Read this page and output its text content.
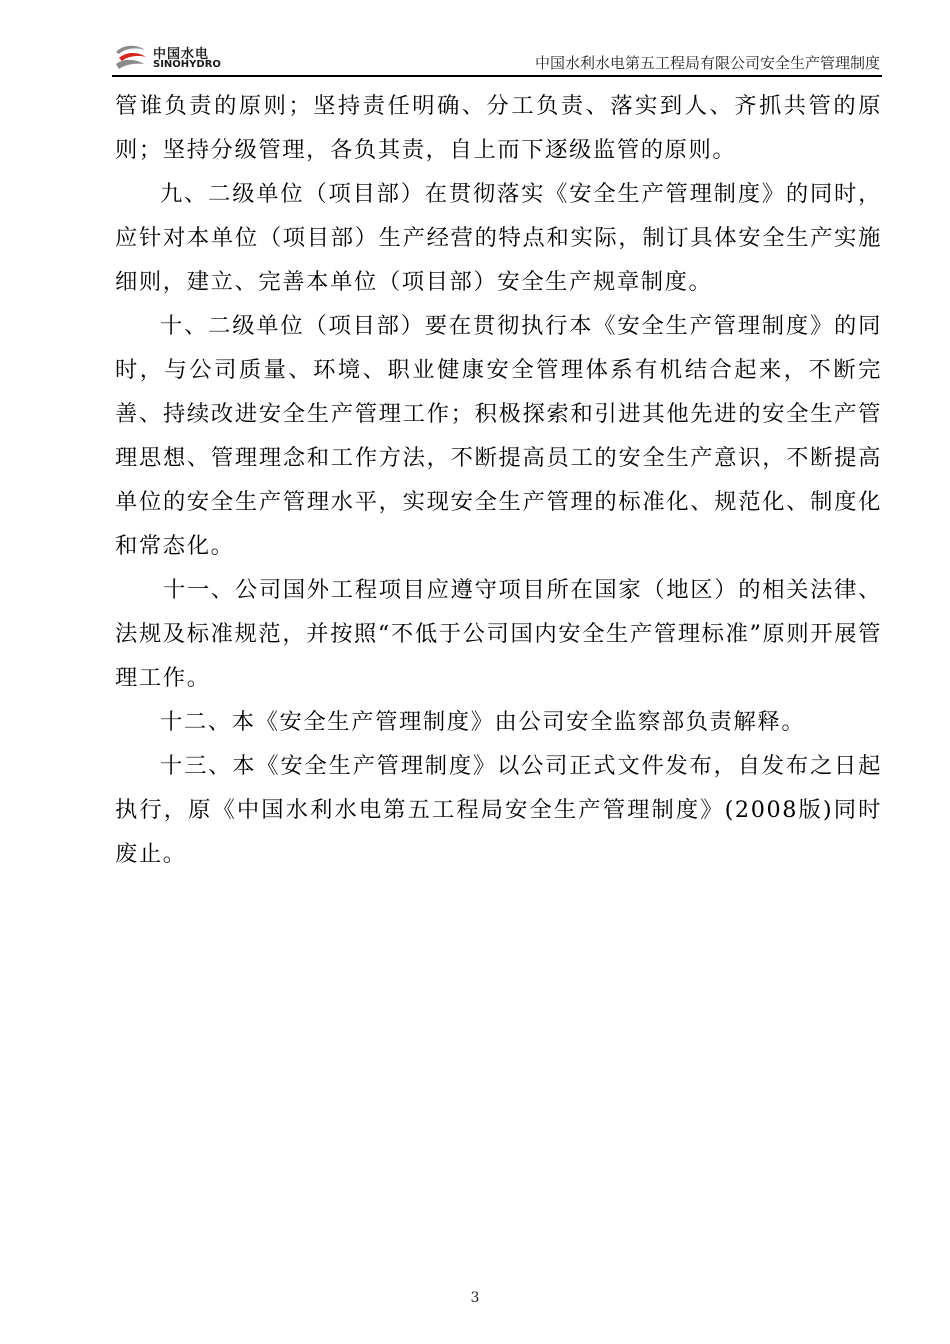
中国水电
SINOHYDRO	中国水利水电第五工程局有限公司安全生产管理制度

管谁负责的原则；坚持责任明确、分工负责、落实到人、齐抓共管的原则；坚持分级管理，各负其责，自上而下逐级监管的原则。

九、二级单位（项目部）在贯彻落实《安全生产管理制度》的同时，应针对本单位（项目部）生产经营的特点和实际，制订具体安全生产实施细则，建立、完善本单位（项目部）安全生产规章制度。

十、二级单位（项目部）要在贯彻执行本《安全生产管理制度》的同时，与公司质量、环境、职业健康安全管理体系有机结合起来，不断完善、持续改进安全生产管理工作；积极探索和引进其他先进的安全生产管理思想、管理理念和工作方法，不断提高员工的安全生产意识，不断提高单位的安全生产管理水平，实现安全生产管理的标准化、规范化、制度化和常态化。

十一、公司国外工程项目应遵守项目所在国家（地区）的相关法律、法规及标准规范，并按照“不低于公司国内安全生产管理标准”原则开展管理工作。

十二、本《安全生产管理制度》由公司安全监察部负责解释。

十三、本《安全生产管理制度》以公司正式文件发布，自发布之日起执行，原《中国水利水电第五工程局安全生产管理制度》(2008版)同时废止。

3
